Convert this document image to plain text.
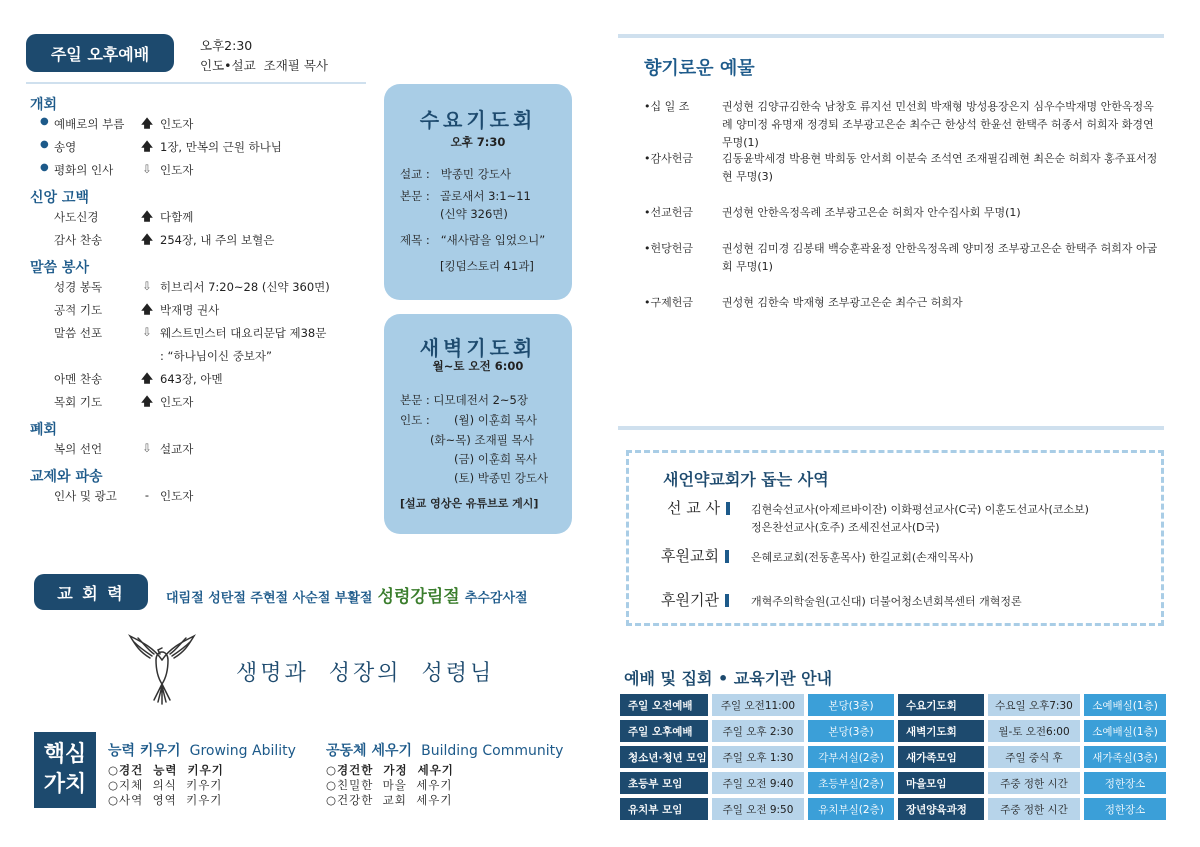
주일 오후예배	오후2:30
인도•설교  조재필 목사
개회
● 예배로의 부름 🡅 인도자
● 송영	🡅 1장, 만복의 근원 하나님
● 평화의 인사	⇩ 인도자
신앙 고백
사도신경	🡅 다함께
감사 찬송	🡅 254장, 내 주의 보혈은
말씀 봉사
성경 봉독	⇩ 히브리서 7:20~28 (신약 360면)
공적 기도	🡅 박재명 권사
말씀 선포	⇩ 웨스트민스터 대요리문답 제38문
: “하나님이신 중보자”
아멘 찬송	🡅 643장, 아멘
목회 기도	🡅 인도자
폐회
복의 선언	⇩ 설교자
교제와 파송
인사 및 광고	- 인도자
수요기도회
오후 7:30
설교 :   박종민 강도사
본문 : 골로새서 3:1~11
(신약 326면)
제목 :   “새사람을 입었으니”
[킹덤스토리 41과]
새벽기도회
월~토 오전 6:00
본문 : 디모데전서 2~5장
인도 : (월) 이훈희 목사
(화~목) 조재필 목사
(금) 이훈희 목사
(토) 박종민 강도사
[설교 영상은 유튜브로 게시]
교 회 력	대림절 성탄절 주현절 사순절 부활절 성령강림절 추수감사절
생명과  성장의  성령님
핵심
가치
능력 키우기 Growing Ability
○경건  능력  키우기
○지체  의식  키우기
○사역  영역  키우기
공동체 세우기 Building Community
○경건한  가정  세우기
○친밀한  마을  세우기
○건강한  교회  세우기
향기로운 예물
•십 일 조	권성현 김양규김한숙 남창호 류지선 민선희 박재형 방성용장은지 심우수박재명 안한옥정옥례 양미정 유명재 정경퇴 조부광고은순 최수근 한상석 한윤선 한택주 허종서 허희자 화경연 무명(1)
•감사헌금	김동윤박세경 박용현 박희동 안서희 이분숙 조석연 조재필김례현 최은순 허희자 홍주표서정현 무명(3)
•선교헌금	권성현 안한옥정옥례 조부광고은순 허희자 안수집사회 무명(1)
•헌당헌금	권성현 김미경 김봉태 백승훈곽윤정 안한옥정옥례 양미정 조부광고은순 한택주 허희자 아굽회 무명(1)
•구제헌금	권성현 김한숙 박재형 조부광고은순 최수근 허희자
새언약교회가 돕는 사역
선 교 사	김현숙선교사(아제르바이잔) 이화평선교사(C국) 이훈도선교사(코소보)
정은찬선교사(호주) 조세진선교사(D국)
후원교회	은혜로교회(전동훈목사) 한길교회(손재익목사)
후원기관	개혁주의학술원(고신대) 더불어청소년회복센터 개혁정론
예배 및 집회 • 교육기관 안내
주일 오전예배	주일 오전11:00	본당(3층)	수요기도회	수요일 오후7:30	소예배실(1층)
주일 오후예배	주일 오후 2:30	본당(3층)	새벽기도회	월-토 오전6:00	소예배실(1층)
청소년·청년 모임	주일 오후 1:30	각부서실(2층)	새가족모임	주일 중식 후	새가족실(3층)
초등부 모임	주일 오전 9:40	초등부실(2층)	마을모임	주중 정한 시간	정한장소
유치부 모임	주일 오전 9:50	유치부실(2층)	장년양육과정	주중 정한 시간	정한장소
